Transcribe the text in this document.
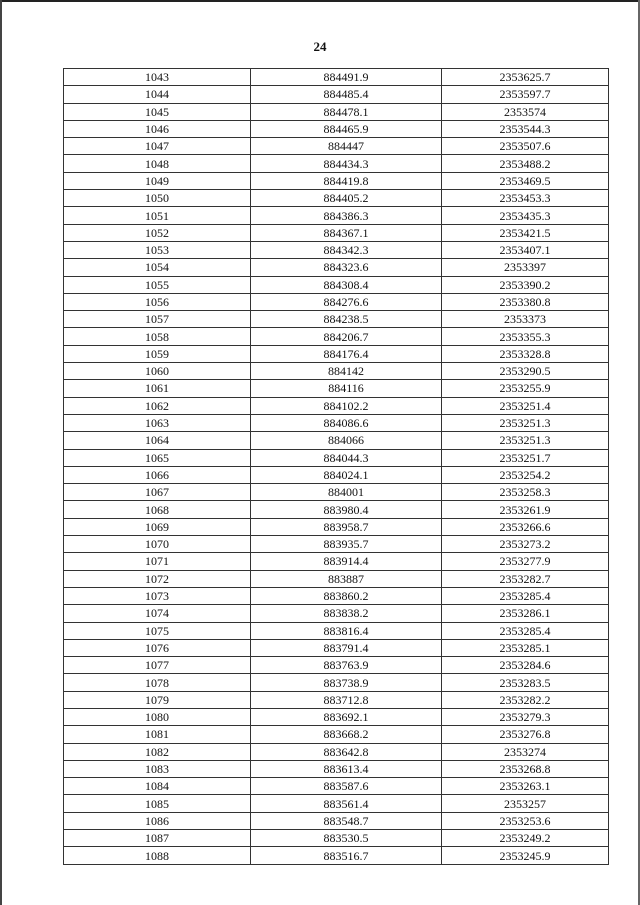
24
1043	884491.9	2353625.7
1044	884485.4	2353597.7
1045	884478.1	2353574
1046	884465.9	2353544.3
1047	884447	2353507.6
1048	884434.3	2353488.2
1049	884419.8	2353469.5
1050	884405.2	2353453.3
1051	884386.3	2353435.3
1052	884367.1	2353421.5
1053	884342.3	2353407.1
1054	884323.6	2353397
1055	884308.4	2353390.2
1056	884276.6	2353380.8
1057	884238.5	2353373
1058	884206.7	2353355.3
1059	884176.4	2353328.8
1060	884142	2353290.5
1061	884116	2353255.9
1062	884102.2	2353251.4
1063	884086.6	2353251.3
1064	884066	2353251.3
1065	884044.3	2353251.7
1066	884024.1	2353254.2
1067	884001	2353258.3
1068	883980.4	2353261.9
1069	883958.7	2353266.6
1070	883935.7	2353273.2
1071	883914.4	2353277.9
1072	883887	2353282.7
1073	883860.2	2353285.4
1074	883838.2	2353286.1
1075	883816.4	2353285.4
1076	883791.4	2353285.1
1077	883763.9	2353284.6
1078	883738.9	2353283.5
1079	883712.8	2353282.2
1080	883692.1	2353279.3
1081	883668.2	2353276.8
1082	883642.8	2353274
1083	883613.4	2353268.8
1084	883587.6	2353263.1
1085	883561.4	2353257
1086	883548.7	2353253.6
1087	883530.5	2353249.2
1088	883516.7	2353245.9
